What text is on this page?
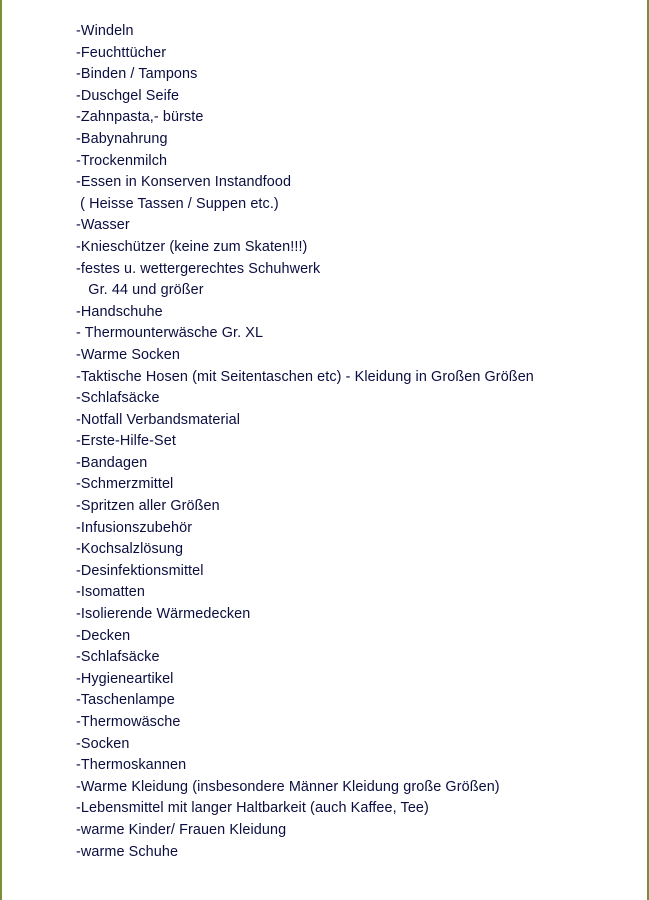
-Windeln
-Feuchttücher
-Binden / Tampons
-Duschgel Seife
-Zahnpasta,- bürste
-Babynahrung
-Trockenmilch
-Essen in Konserven Instandfood
( Heisse Tassen / Suppen etc.)
-Wasser
-Knieschützer (keine zum Skaten!!!)
-festes u. wettergerechtes Schuhwerk
Gr. 44 und größer
-Handschuhe
- Thermounterwäsche Gr. XL
-Warme Socken
-Taktische Hosen (mit Seitentaschen etc) - Kleidung in Großen Größen
-Schlafsäcke
-Notfall Verbandsmaterial
-Erste-Hilfe-Set
-Bandagen
-Schmerzmittel
-Spritzen aller Größen
-Infusionszubehör
-Kochsalzlösung
-Desinfektionsmittel
-Isomatten
-Isolierende Wärmedecken
-Decken
-Schlafsäcke
-Hygieneartikel
-Taschenlampe
-Thermowäsche
-Socken
-Thermoskannen
-Warme Kleidung (insbesondere Männer Kleidung große Größen)
-Lebensmittel mit langer Haltbarkeit (auch Kaffee, Tee)
-warme Kinder/ Frauen Kleidung
-warme Schuhe
